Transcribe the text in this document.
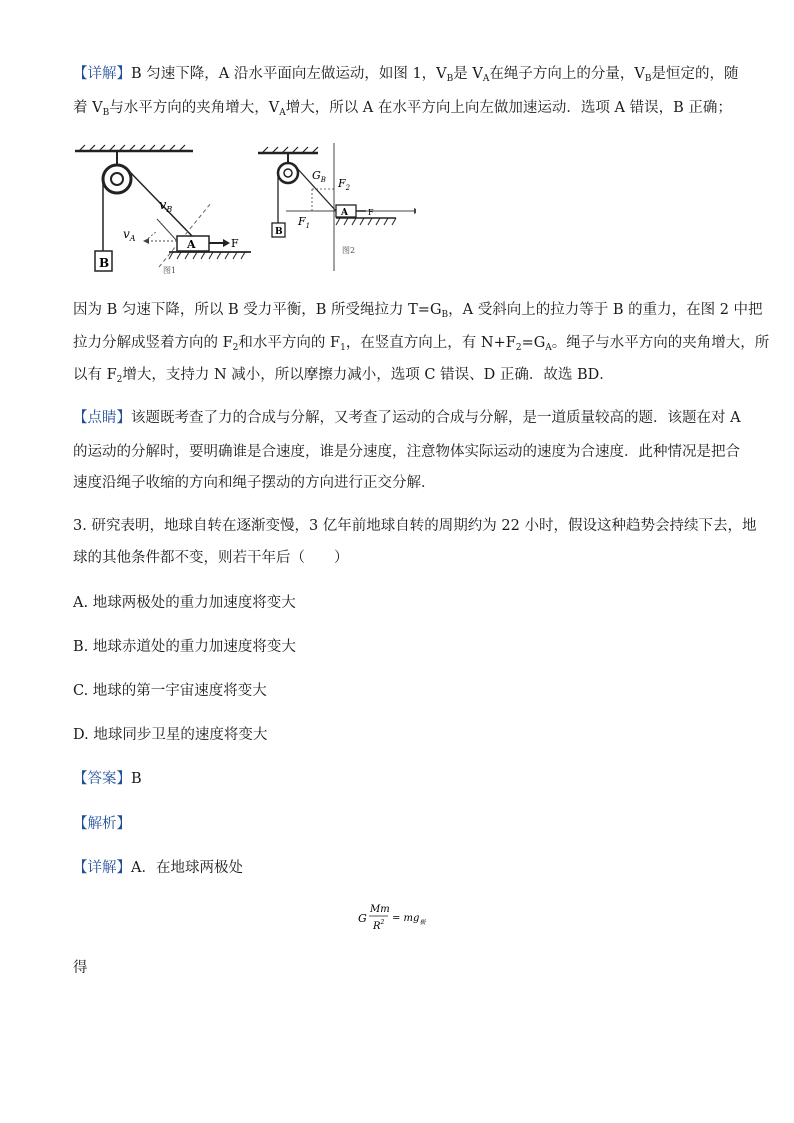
【详解】B 匀速下降，A 沿水平面向左做运动，如图 1，$V_B$是 $V_A$在绳子方向上的分量，$V_B$是恒定的，随
着 $V_B$与水平方向的夹角增大，$V_A$增大，所以 A 在水平方向上向左做加速运动．选项 A 错误，B 正确；
B
A	F
$v_B$
$v_A$
图1
B
A	F
$G_B$ $F_2$
$F_1$
图2
因为 B 匀速下降，所以 B 受力平衡，B 所受绳拉力 $T=G_B$，A 受斜向上的拉力等于 B 的重力，在图 2 中把
拉力分解成竖着方向的 $F_2$和水平方向的 $F_1$，在竖直方向上，有 $N+F_2=G_A$。绳子与水平方向的夹角增大，所
以有 $F_2$增大，支持力 N 减小，所以摩擦力减小，选项 C 错误、D 正确．故选 BD．
【点睛】该题既考查了力的合成与分解，又考查了运动的合成与分解，是一道质量较高的题．该题在对 A
的运动的分解时，要明确谁是合速度，谁是分速度，注意物体实际运动的速度为合速度．此种情况是把合
速度沿绳子收缩的方向和绳子摆动的方向进行正交分解．
3. 研究表明，地球自转在逐渐变慢，3 亿年前地球自转的周期约为 22 小时，假设这种趋势会持续下去，地
球的其他条件都不变，则若干年后（　　）
A. 地球两极处的重力加速度将变大
B. 地球赤道处的重力加速度将变大
C. 地球的第一宇宙速度将变大
D. 地球同步卫星的速度将变大
【答案】B
【解析】
【详解】A．在地球两极处
G
Mm
$R^2 = mg_极$
得
